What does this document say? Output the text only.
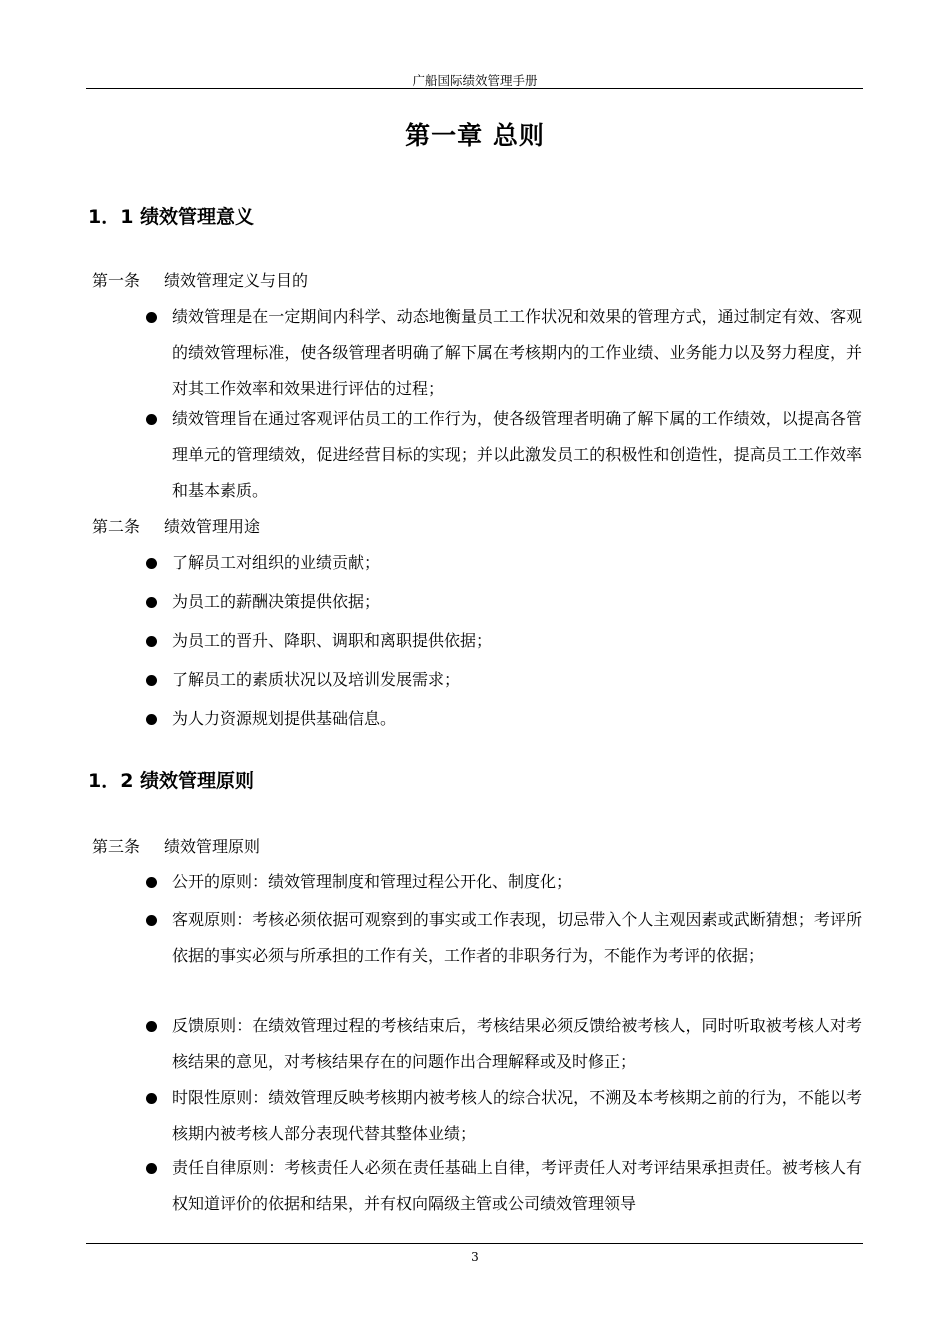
广船国际绩效管理手册
第一章 总则
1．1 绩效管理意义
第一条 绩效管理定义与目的
绩效管理是在一定期间内科学、动态地衡量员工工作状况和效果的管理方式，通过制定有效、客观的绩效管理标准，使各级管理者明确了解下属在考核期内的工作业绩、业务能力以及努力程度，并对其工作效率和效果进行评估的过程；
绩效管理旨在通过客观评估员工的工作行为，使各级管理者明确了解下属的工作绩效，以提高各管理单元的管理绩效，促进经营目标的实现；并以此激发员工的积极性和创造性，提高员工工作效率和基本素质。
第二条 绩效管理用途
了解员工对组织的业绩贡献；
为员工的薪酬决策提供依据；
为员工的晋升、降职、调职和离职提供依据；
了解员工的素质状况以及培训发展需求；
为人力资源规划提供基础信息。
1．2 绩效管理原则
第三条 绩效管理原则
公开的原则：绩效管理制度和管理过程公开化、制度化；
客观原则：考核必须依据可观察到的事实或工作表现，切忌带入个人主观因素或武断猜想；考评所依据的事实必须与所承担的工作有关，工作者的非职务行为，不能作为考评的依据；
反馈原则：在绩效管理过程的考核结束后，考核结果必须反馈给被考核人，同时听取被考核人对考核结果的意见，对考核结果存在的问题作出合理解释或及时修正；
时限性原则：绩效管理反映考核期内被考核人的综合状况，不溯及本考核期之前的行为，不能以考核期内被考核人部分表现代替其整体业绩；
责任自律原则：考核责任人必须在责任基础上自律，考评责任人对考评结果承担责任。被考核人有权知道评价的依据和结果，并有权向隔级主管或公司绩效管理领导
3
